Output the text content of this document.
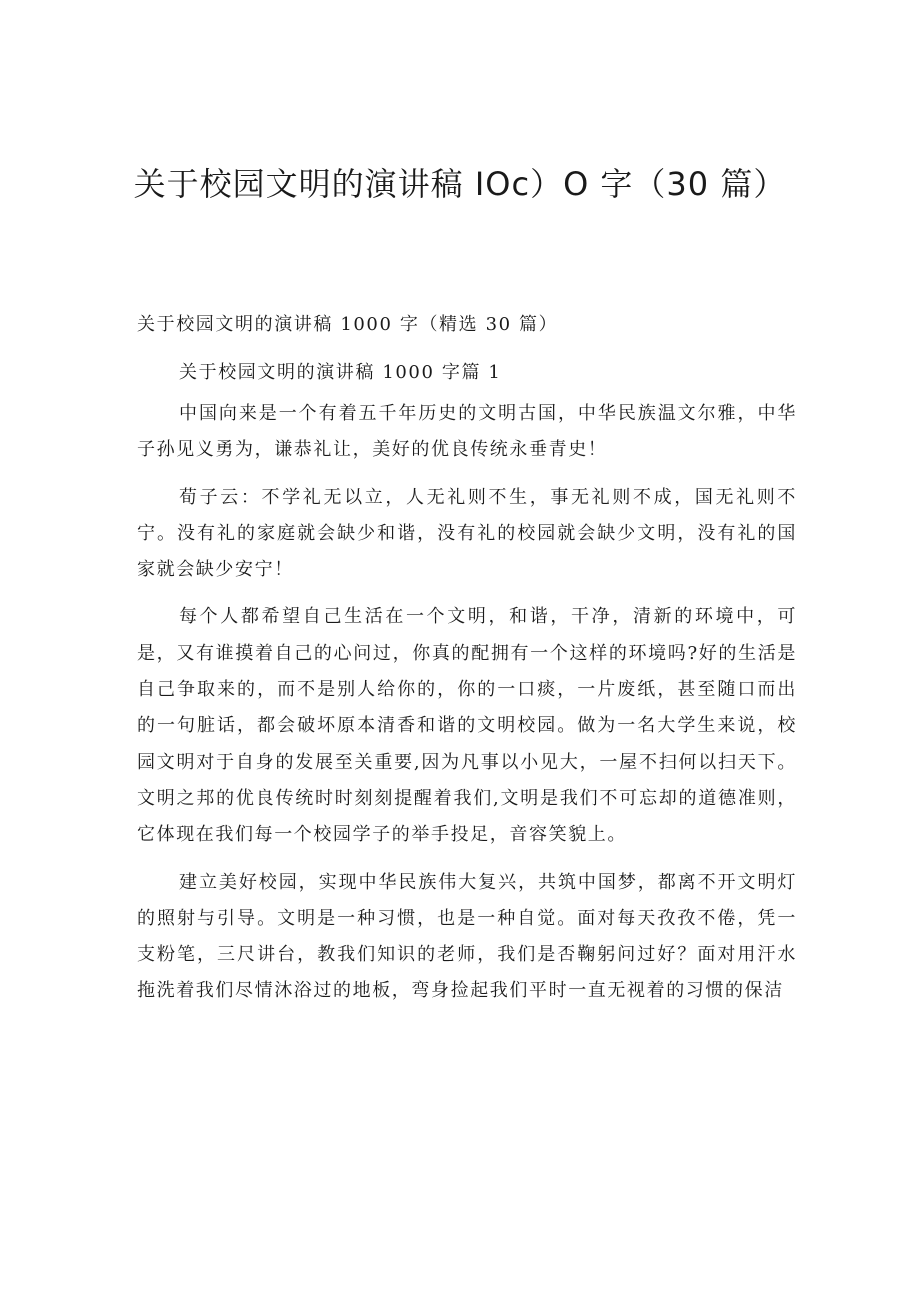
关于校园文明的演讲稿 IOc）O 字（30 篇）

关于校园文明的演讲稿 1000 字（精选 30 篇）

关于校园文明的演讲稿 1000 字篇 1

中国向来是一个有着五千年历史的文明古国，中华民族温文尔雅，中华子孙见义勇为，谦恭礼让，美好的优良传统永垂青史！

荀子云：不学礼无以立，人无礼则不生，事无礼则不成，国无礼则不宁。没有礼的家庭就会缺少和谐，没有礼的校园就会缺少文明，没有礼的国家就会缺少安宁！

每个人都希望自己生活在一个文明，和谐，干净，清新的环境中，可是，又有谁摸着自己的心问过，你真的配拥有一个这样的环境吗?好的生活是自己争取来的，而不是别人给你的，你的一口痰，一片废纸，甚至随口而出的一句脏话，都会破坏原本清香和谐的文明校园。做为一名大学生来说，校园文明对于自身的发展至关重要,因为凡事以小见大，一屋不扫何以扫天下。文明之邦的优良传统时时刻刻提醒着我们,文明是我们不可忘却的道德准则，它体现在我们每一个校园学子的举手投足，音容笑貌上。

建立美好校园，实现中华民族伟大复兴，共筑中国梦，都离不开文明灯的照射与引导。文明是一种习惯，也是一种自觉。面对每天孜孜不倦，凭一支粉笔，三尺讲台，教我们知识的老师，我们是否鞠躬问过好？面对用汗水拖洗着我们尽情沐浴过的地板，弯身捡起我们平时一直无视着的习惯的保洁
